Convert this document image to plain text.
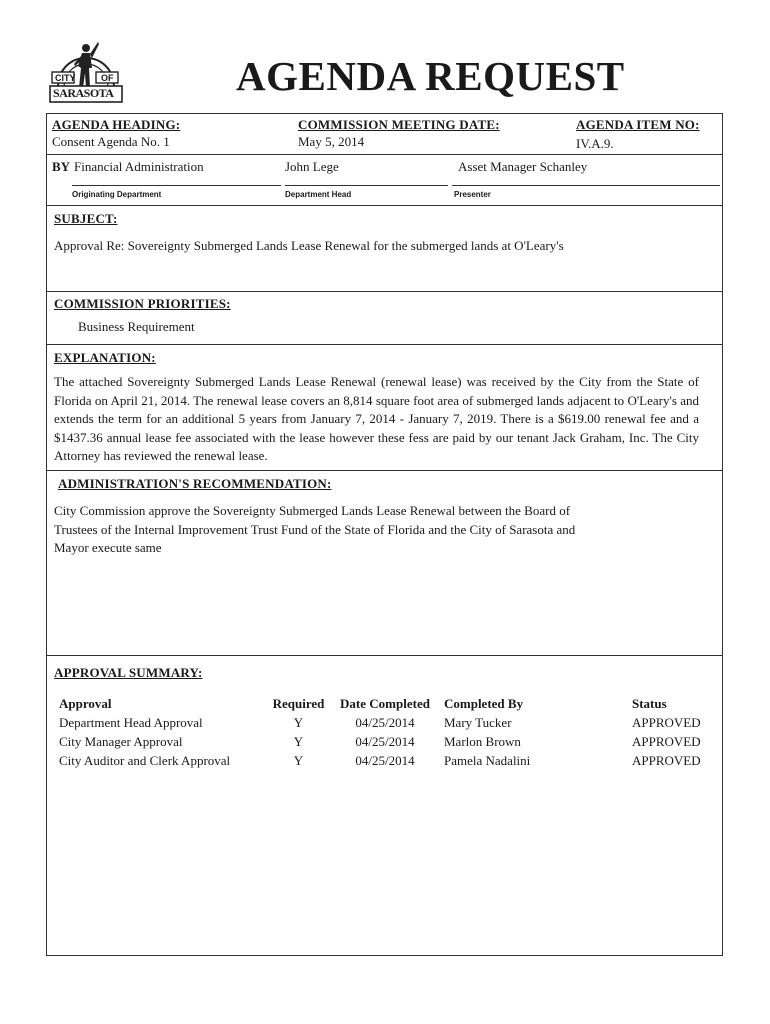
CITY	OF
SARASOTA	AGENDA REQUEST
AGENDA HEADING:
Consent Agenda No. 1
COMMISSION MEETING DATE:
May 5, 2014
AGENDA ITEM NO:
IV.A.9.
BY Financial Administration	John Lege	Asset Manager Schanley
Originating Department	Department Head	Presenter
SUBJECT:
Approval Re: Sovereignty Submerged Lands Lease Renewal for the submerged lands at O'Leary's
COMMISSION PRIORITIES:
Business Requirement
EXPLANATION:
The attached Sovereignty Submerged Lands Lease Renewal (renewal lease) was received by the City from the State of Florida on April 21, 2014. The renewal lease covers an 8,814 square foot area of submerged lands adjacent to O'Leary's and extends the term for an additional 5 years from January 7, 2014 - January 7, 2019. There is a $619.00 renewal fee and a $1437.36 annual lease fee associated with the lease however these fess are paid by our tenant Jack Graham, Inc. The City Attorney has reviewed the renewal lease.
ADMINISTRATION'S RECOMMENDATION:
City Commission approve the Sovereignty Submerged Lands Lease Renewal between the Board of
Trustees of the Internal Improvement Trust Fund of the State of Florida and the City of Sarasota and
Mayor execute same
APPROVAL SUMMARY:
Approval	Required	Date Completed	Completed By	Status
Department Head Approval	Y	04/25/2014	Mary Tucker	APPROVED
City Manager Approval	Y	04/25/2014	Marlon Brown	APPROVED
City Auditor and Clerk Approval	Y	04/25/2014	Pamela Nadalini	APPROVED
